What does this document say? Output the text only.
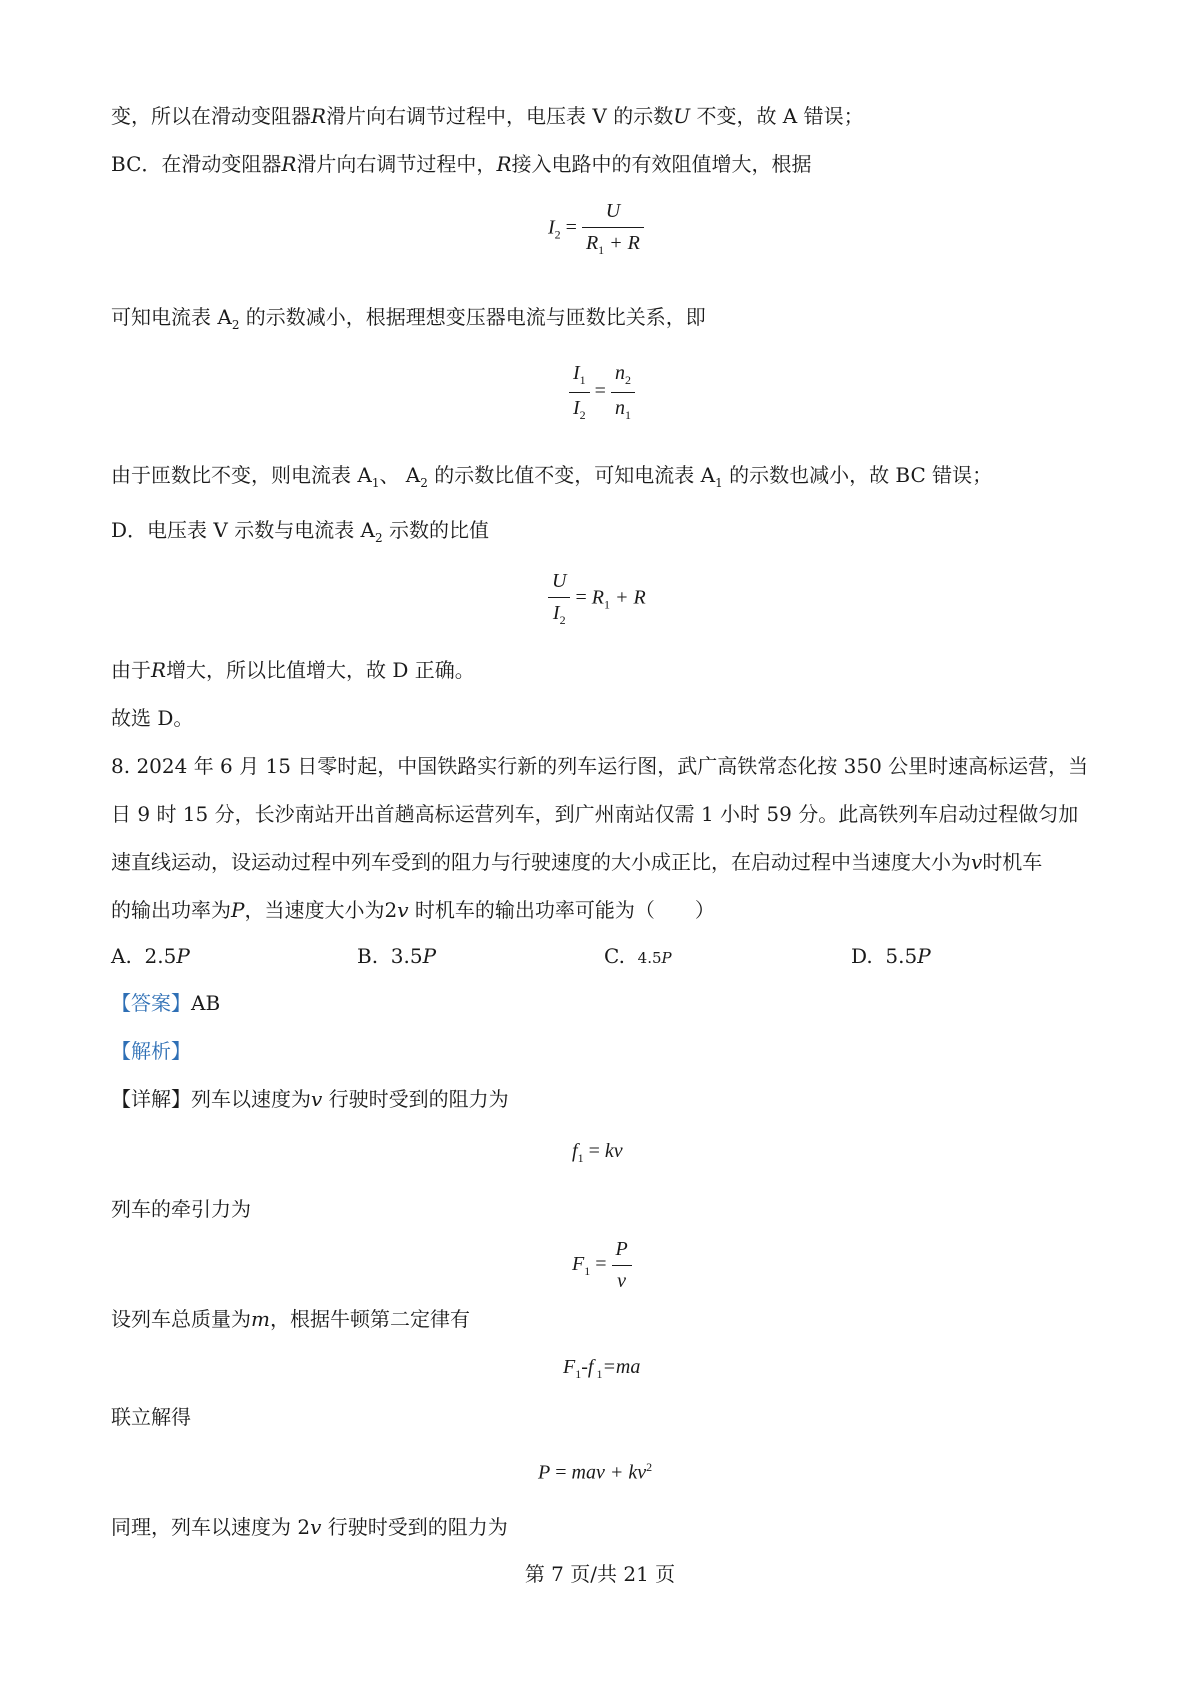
变，所以在滑动变阻器R滑片向右调节过程中，电压表 V 的示数U 不变，故 A 错误；
BC．在滑动变阻器R滑片向右调节过程中，R接入电路中的有效阻值增大，根据
$I_2 = \frac{U}{R_1 + R}$
可知电流表 $A_2$ 的示数减小，根据理想变压器电流与匝数比关系，即
$\frac{I_1}{I_2} = \frac{n_2}{n_1}$
由于匝数比不变，则电流表 $A_1$、 $A_2$ 的示数比值不变，可知电流表 $A_1$ 的示数也减小，故 BC 错误；
D．电压表 V 示数与电流表 $A_2$ 示数的比值
$\frac{U}{I_2} = R_1 + R$
由于R增大，所以比值增大，故 D 正确。
故选 D。
8. 2024 年 6 月 15 日零时起，中国铁路实行新的列车运行图，武广高铁常态化按 350 公里时速高标运营，当
日 9 时 15 分，长沙南站开出首趟高标运营列车，到广州南站仅需 1 小时 59 分。此高铁列车启动过程做匀加
速直线运动，设运动过程中列车受到的阻力与行驶速度的大小成正比，在启动过程中当速度大小为v时机车
的输出功率为P，当速度大小为2v 时机车的输出功率可能为（　　）
A. 2.5P	B. 3.5P	C. 4.5P	D. 5.5P
【答案】AB
【解析】
【详解】列车以速度为v 行驶时受到的阻力为
$f_1$ = kv
列车的牵引力为
$F_1 = \frac{P}{v}$
设列车总质量为m，根据牛顿第二定律有
$F_1-f$ $_1$=ma
联立解得
P = mav + $kv^2$
同理，列车以速度为 2v 行驶时受到的阻力为
第 7 页/共 21 页
